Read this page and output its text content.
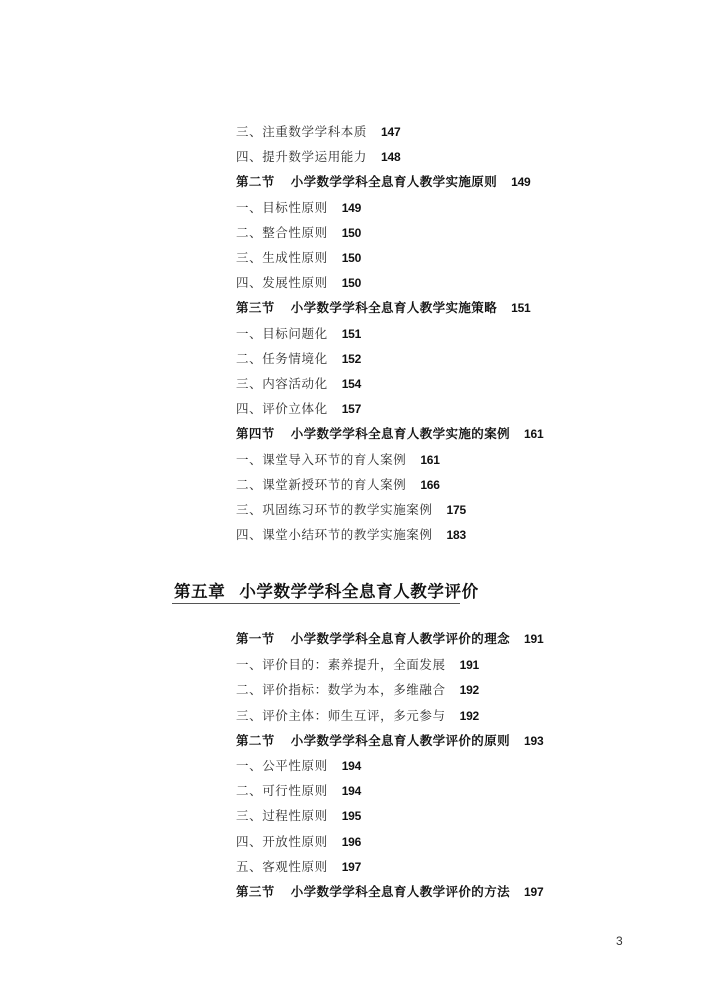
三、注重数学学科本质 147
四、提升数学运用能力 148
第二节 小学数学学科全息育人教学实施原则 149
一、目标性原则 149
二、整合性原则 150
三、生成性原则 150
四、发展性原则 150
第三节 小学数学学科全息育人教学实施策略 151
一、目标问题化 151
二、任务情境化 152
三、内容活动化 154
四、评价立体化 157
第四节 小学数学学科全息育人教学实施的案例 161
一、课堂导入环节的育人案例 161
二、课堂新授环节的育人案例 166
三、巩固练习环节的教学实施案例 175
四、课堂小结环节的教学实施案例 183
第五章 小学数学学科全息育人教学评价
第一节 小学数学学科全息育人教学评价的理念 191
一、评价目的：素养提升，全面发展 191
二、评价指标：数学为本，多维融合 192
三、评价主体：师生互评，多元参与 192
第二节 小学数学学科全息育人教学评价的原则 193
一、公平性原则 194
二、可行性原则 194
三、过程性原则 195
四、开放性原则 196
五、客观性原则 197
第三节 小学数学学科全息育人教学评价的方法 197
3
